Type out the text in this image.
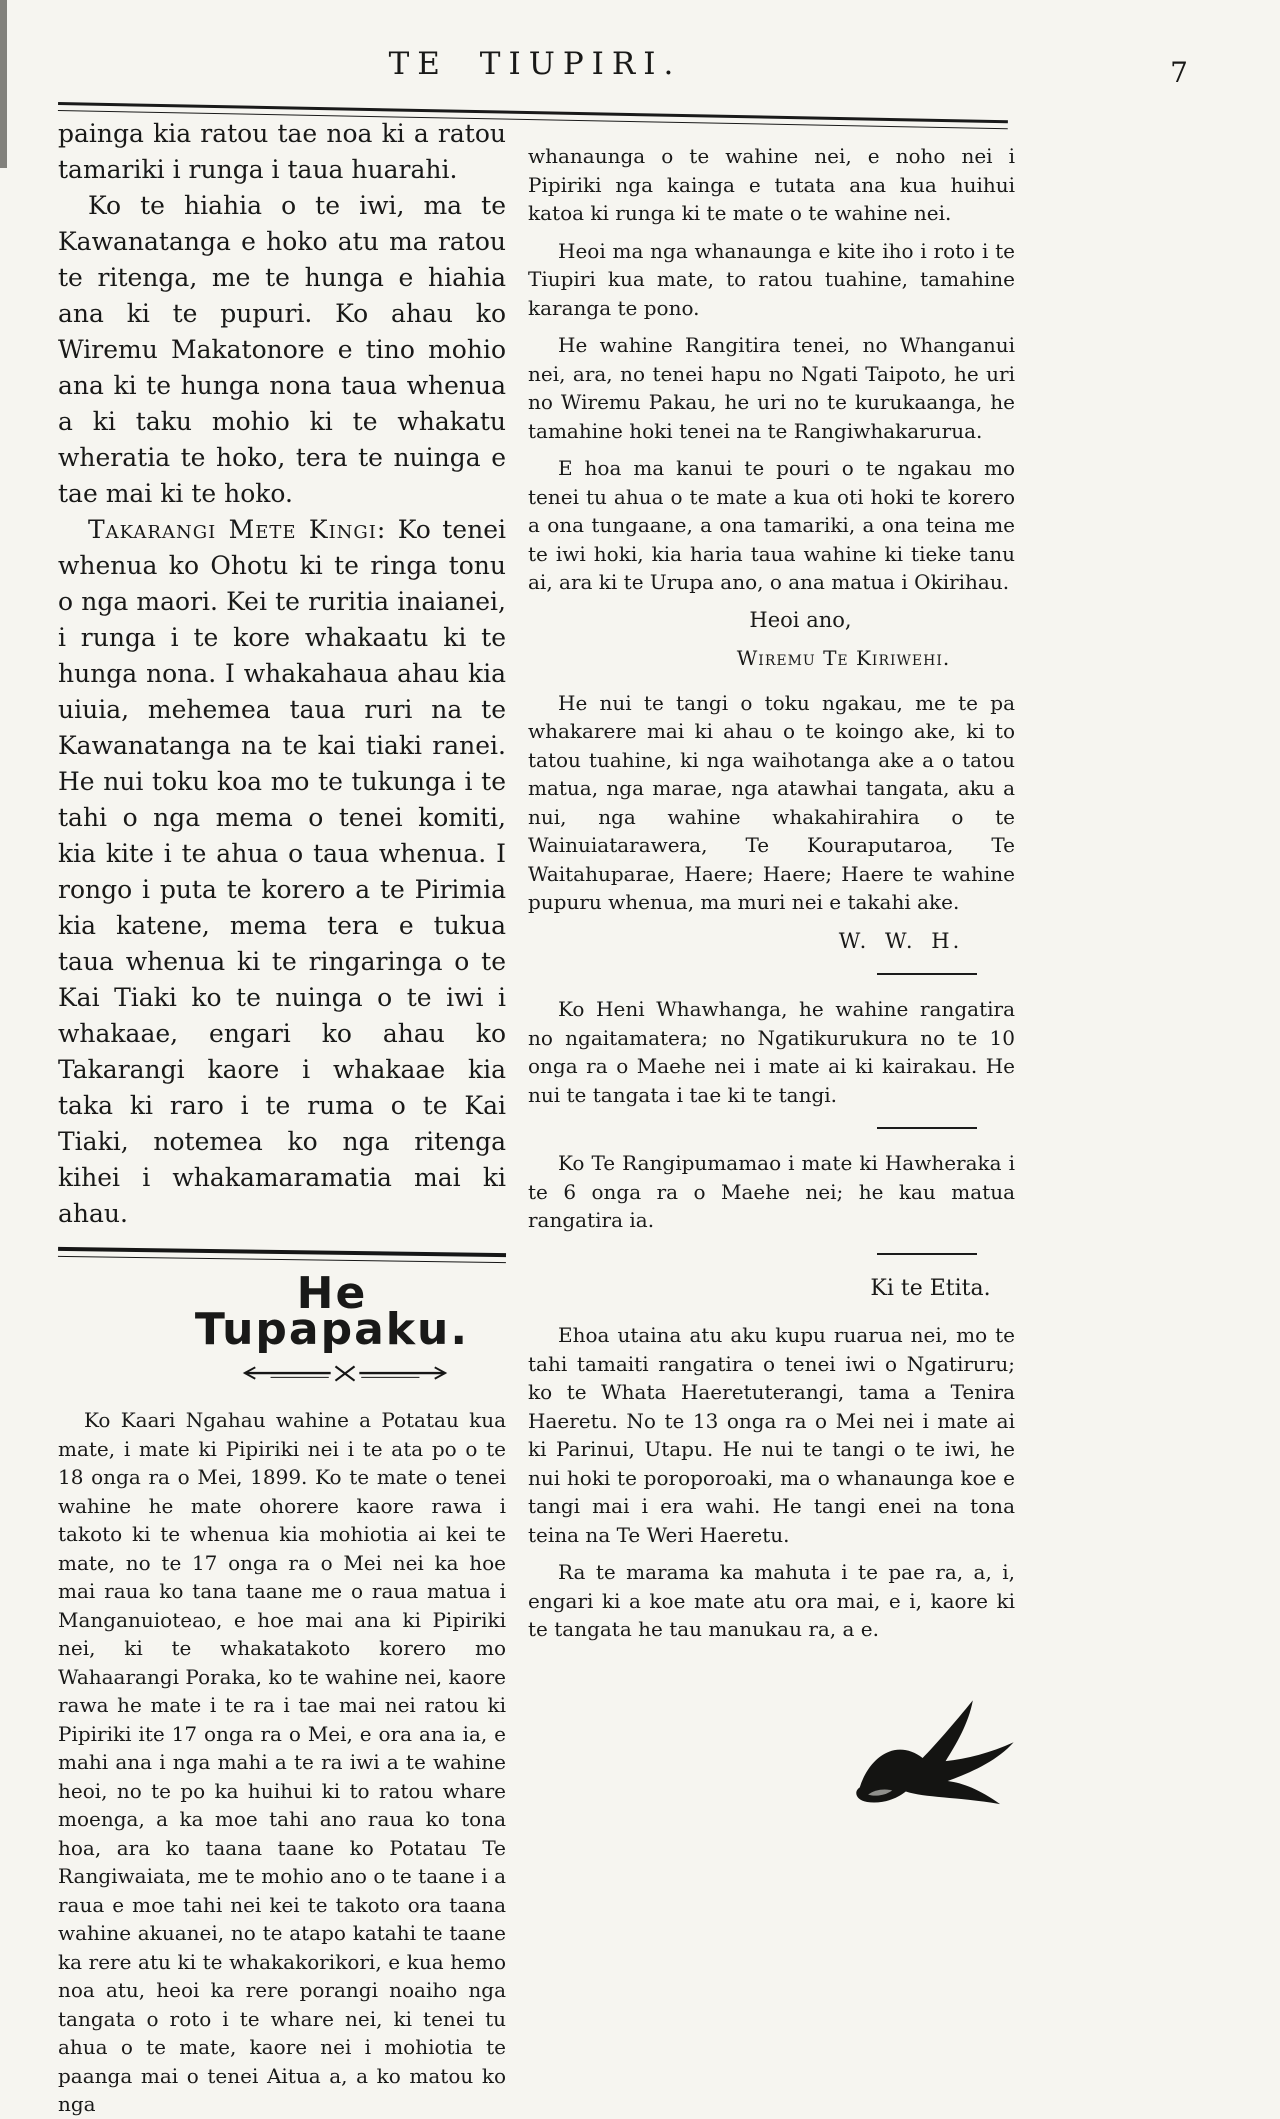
TE TIUPIRI.	7

painga kia ratou tae noa ki a ratou tamariki i runga i taua huarahi.

Ko te hiahia o te iwi, ma te Kawanatanga e hoko atu ma ratou te ritenga, me te hunga e hiahia ana ki te pupuri. Ko ahau ko Wiremu Makatonore e tino mohio ana ki te hunga nona taua whenua a ki taku mohio ki te whakatu wheratia te hoko, tera te nuinga e tae mai ki te hoko.

Takarangi Mete Kingi: Ko tenei whenua ko Ohotu ki te ringa tonu o nga maori. Kei te ruritia inaianei, i runga i te kore whakaatu ki te hunga nona. I whakahaua ahau kia uiuia, mehemea taua ruri na te Kawanatanga na te kai tiaki ranei. He nui toku koa mo te tukunga i te tahi o nga mema o tenei komiti, kia kite i te ahua o taua whenua. I rongo i puta te korero a te Pirimia kia katene, mema tera e tukua taua whenua ki te ringaringa o te Kai Tiaki ko te nuinga o te iwi i whakaae, engari ko ahau ko Takarangi kaore i whakaae kia taka ki raro i te ruma o te Kai Tiaki, notemea ko nga ritenga kihei i whakamaramatia mai ki ahau.

He Tupapaku.

Ko Kaari Ngahau wahine a Potatau kua mate, i mate ki Pipiriki nei i te ata po o te 18 onga ra o Mei, 1899. Ko te mate o tenei wahine he mate ohorere kaore rawa i takoto ki te whenua kia mohiotia ai kei te mate, no te 17 onga ra o Mei nei ka hoe mai raua ko tana taane me o raua matua i Manganuioteao, e hoe mai ana ki Pipiriki nei, ki te whakatakoto korero mo Wahaarangi Poraka, ko te wahine nei, kaore rawa he mate i te ra i tae mai nei ratou ki Pipiriki ite 17 onga ra o Mei, e ora ana ia, e mahi ana i nga mahi a te ra iwi a te wahine heoi, no te po ka huihui ki to ratou whare moenga, a ka moe tahi ano raua ko tona hoa, ara ko taana taane ko Potatau Te Rangiwaiata, me te mohio ano o te taane i a raua e moe tahi nei kei te takoto ora taana wahine akuanei, no te atapo katahi te taane ka rere atu ki te whakakorikori, e kua hemo noa atu, heoi ka rere porangi noaiho nga tangata o roto i te whare nei, ki tenei tu ahua o te mate, kaore nei i mohiotia te paanga mai o tenei Aitua a, a ko matou ko nga

whanaunga o te wahine nei, e noho nei i Pipiriki nga kainga e tutata ana kua huihui katoa ki runga ki te mate o te wahine nei.

Heoi ma nga whanaunga e kite iho i roto i te Tiupiri kua mate, to ratou tuahine, tamahine karanga te pono.

He wahine Rangitira tenei, no Whanganui nei, ara, no tenei hapu no Ngati Taipoto, he uri no Wiremu Pakau, he uri no te kurukaanga, he tamahine hoki tenei na te Rangiwhakarurua.

E hoa ma kanui te pouri o te ngakau mo tenei tu ahua o te mate a kua oti hoki te korero a ona tungaane, a ona tamariki, a ona teina me te iwi hoki, kia haria taua wahine ki tieke tanu ai, ara ki te Urupa ano, o ana matua i Okirihau.

Heoi ano,

Wiremu Te Kiriwehi.

He nui te tangi o toku ngakau, me te pa whakarere mai ki ahau o te koingo ake, ki to tatou tuahine, ki nga waihotanga ake a o tatou matua, nga marae, nga atawhai tangata, aku a nui, nga wahine whakahirahira o te Wainuiatarawera, Te Kouraputaroa, Te Waitahuparae, Haere; Haere; Haere te wahine pupuru whenua, ma muri nei e takahi ake.

W. W. H.

Ko Heni Whawhanga, he wahine rangatira no ngaitamatera; no Ngatikurukura no te 10 onga ra o Maehe nei i mate ai ki kairakau. He nui te tangata i tae ki te tangi.

Ko Te Rangipumamao i mate ki Hawheraka i te 6 onga ra o Maehe nei; he kau matua rangatira ia.

Ki te Etita.

Ehoa utaina atu aku kupu ruarua nei, mo te tahi tamaiti rangatira o tenei iwi o Ngatiruru; ko te Whata Haeretuterangi, tama a Tenira Haeretu. No te 13 onga ra o Mei nei i mate ai ki Parinui, Utapu. He nui te tangi o te iwi, he nui hoki te poroporoaki, ma o whanaunga koe e tangi mai i era wahi. He tangi enei na tona teina na Te Weri Haeretu.

Ra te marama ka mahuta i te pae ra, a, i, engari ki a koe mate atu ora mai, e i, kaore ki te tangata he tau manukau ra, a e.
